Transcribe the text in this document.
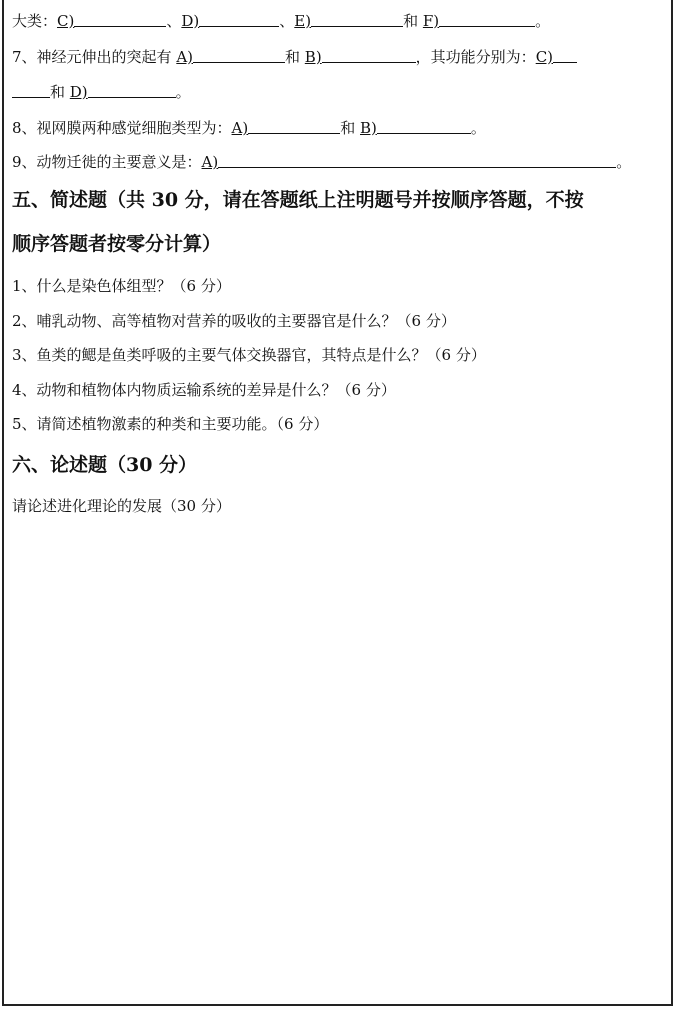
大类：C)	、D)	、E)	和 F)	。
7、神经元伸出的突起有 A)	和 B)	，其功能分别为：C)
和 D)	。
8、视网膜两种感觉细胞类型为：A)	和 B)	。
9、动物迁徙的主要意义是：A)	。
五、简述题（共 30 分，请在答题纸上注明题号并按顺序答题，不按
顺序答题者按零分计算）
1、什么是染色体组型？（6 分）
2、哺乳动物、高等植物对营养的吸收的主要器官是什么？（6 分）
3、鱼类的鳃是鱼类呼吸的主要气体交换器官，其特点是什么？（6 分）
4、动物和植物体内物质运输系统的差异是什么？（6 分）
5、请简述植物激素的种类和主要功能。（6 分）
六、论述题（30 分）
请论述进化理论的发展（30 分）
